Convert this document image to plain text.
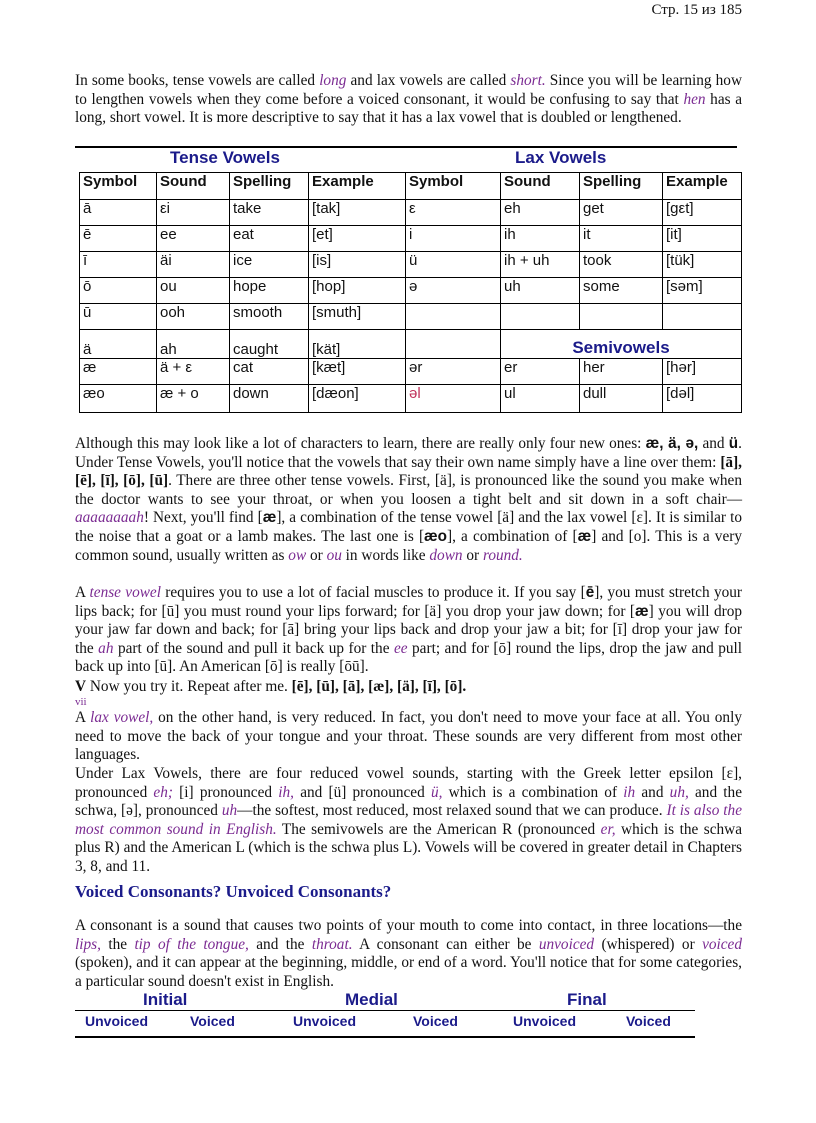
Стр. 15 из 185

In some books, tense vowels are called long and lax vowels are called short. Since you will be learning how to lengthen vowels when they come before a voiced consonant, it would be confusing to say that hen has a long, short vowel. It is more descriptive to say that it has a lax vowel that is doubled or lengthened.

Tense Vowels	Lax Vowels
Symbol	Sound	Spelling	Example	Symbol	Sound	Spelling	Example
ā	εi	take	[tak]	ε	eh	get	[gεt]
ē	ee	eat	[et]	i	ih	it	[it]
ī	äi	ice	[is]	ü	ih + uh	took	[tük]
ō	ou	hope	[hop]	ə	uh	some	[səm]
ū	ooh	smooth	[smuth]				
ä	ah	caught	[kät]		Semivowels		
æ	ä + ε	cat	[kæt]	ər	er	her	[hər]
æo	æ + o	down	[dæon]	əl	ul	dull	[dəl]

Although this may look like a lot of characters to learn, there are really only four new ones: æ, ä, ə, and ü. Under Tense Vowels, you'll notice that the vowels that say their own name simply have a line over them: [ā], [ē], [ī], [ō], [ū]. There are three other tense vowels. First, [ä], is pronounced like the sound you make when the doctor wants to see your throat, or when you loosen a tight belt and sit down in a soft chair—aaaaaaaah! Next, you'll find [æ], a combination of the tense vowel [ä] and the lax vowel [ε]. It is similar to the noise that a goat or a lamb makes. The last one is [æo], a combination of [æ] and [o]. This is a very common sound, usually written as ow or ou in words like down or round.

A tense vowel requires you to use a lot of facial muscles to produce it. If you say [ē], you must stretch your lips back; for [ū] you must round your lips forward; for [ä] you drop your jaw down; for [æ] you will drop your jaw far down and back; for [ā] bring your lips back and drop your jaw a bit; for [ī] drop your jaw for the ah part of the sound and pull it back up for the ee part; and for [ō] round the lips, drop the jaw and pull back up into [ū]. An American [ō] is really [ōū].

V Now you try it. Repeat after me. [ē], [ū], [ā], [æ], [ä], [ī], [ō].

vii

A lax vowel, on the other hand, is very reduced. In fact, you don't need to move your face at all. You only need to move the back of your tongue and your throat. These sounds are very different from most other languages.

Under Lax Vowels, there are four reduced vowel sounds, starting with the Greek letter epsilon [ε], pronounced eh; [i] pronounced ih, and [ü] pronounced ü, which is a combination of ih and uh, and the schwa, [ə], pronounced uh—the softest, most reduced, most relaxed sound that we can produce. It is also the most common sound in English. The semivowels are the American R (pronounced er, which is the schwa plus R) and the American L (which is the schwa plus L). Vowels will be covered in greater detail in Chapters 3, 8, and 11.

Voiced Consonants? Unvoiced Consonants?

A consonant is a sound that causes two points of your mouth to come into contact, in three locations—the lips, the tip of the tongue, and the throat. A consonant can either be unvoiced (whispered) or voiced (spoken), and it can appear at the beginning, middle, or end of a word. You'll notice that for some categories, a particular sound doesn't exist in English.

Initial	Medial	Final
Unvoiced	Voiced	Unvoiced	Voiced	Unvoiced	Voiced
